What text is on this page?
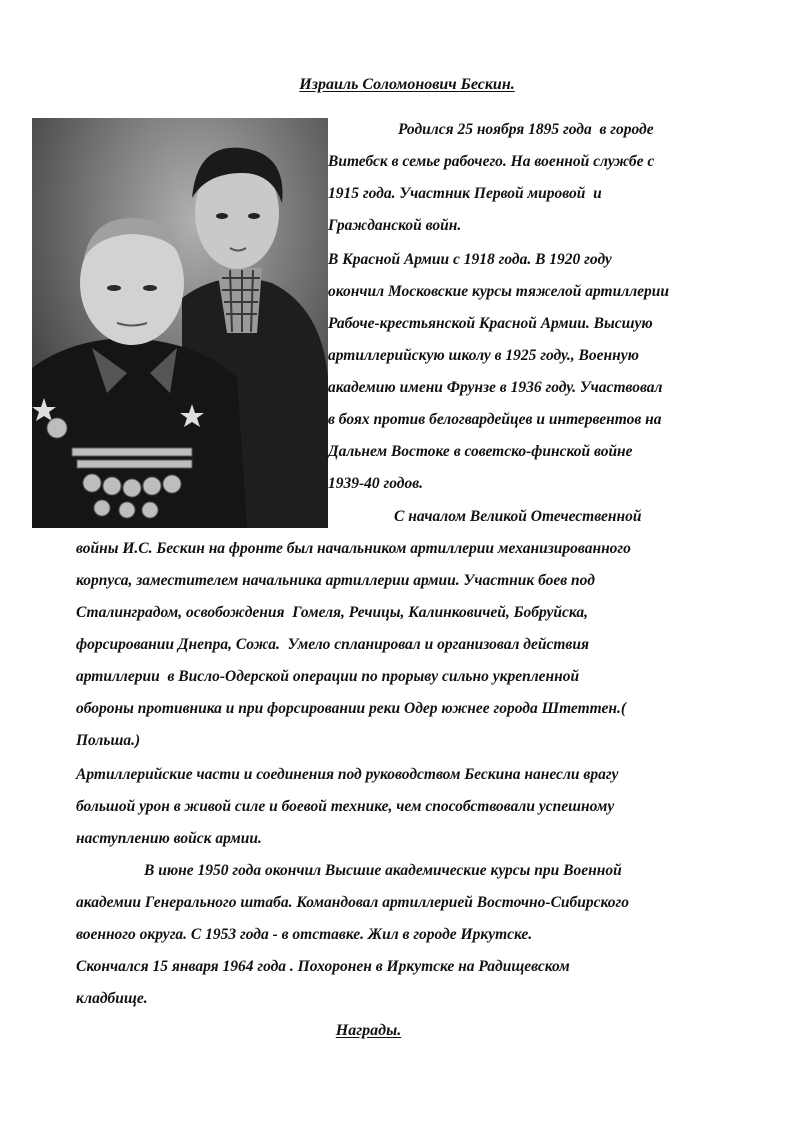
Израиль Соломонович Бескин.
Родился 25 ноября 1895 года  в городе
Витебск в семье рабочего. На военной службе с
1915 года. Участник Первой мировой  и
Гражданской войн.
В Красной Армии с 1918 года. В 1920 году
окончил Московские курсы тяжелой артиллерии
Рабоче-крестьянской Красной Армии. Высшую
артиллерийскую школу в 1925 году., Военную
академию имени Фрунзе в 1936 году. Участвовал
в боях против белогвардейцев и интервентов на
Дальнем Востоке в советско-финской войне
1939-40 годов.
С началом Великой Отечественной
войны И.С. Бескин на фронте был начальником артиллерии механизированного
корпуса, заместителем начальника артиллерии армии. Участник боев под
Сталинградом, освобождения  Гомеля, Речицы, Калинковичей, Бобруйска,
форсировании Днепра, Сожа.  Умело спланировал и организовал действия
артиллерии  в Висло-Одерской операции по прорыву сильно укрепленной
обороны противника и при форсировании реки Одер южнее города Штеттен.(
Польша.)
Артиллерийские части и соединения под руководством Бескина нанесли врагу
большой урон в живой силе и боевой технике, чем способствовали успешному
наступлению войск армии.
В июне 1950 года окончил Высшие академические курсы при Военной
академии Генерального штаба. Командовал артиллерией Восточно-Сибирского
военного округа. С 1953 года - в отставке. Жил в городе Иркутске.
Скончался 15 января 1964 года . Похоронен в Иркутске на Радищевском
кладбище.
Награды.
